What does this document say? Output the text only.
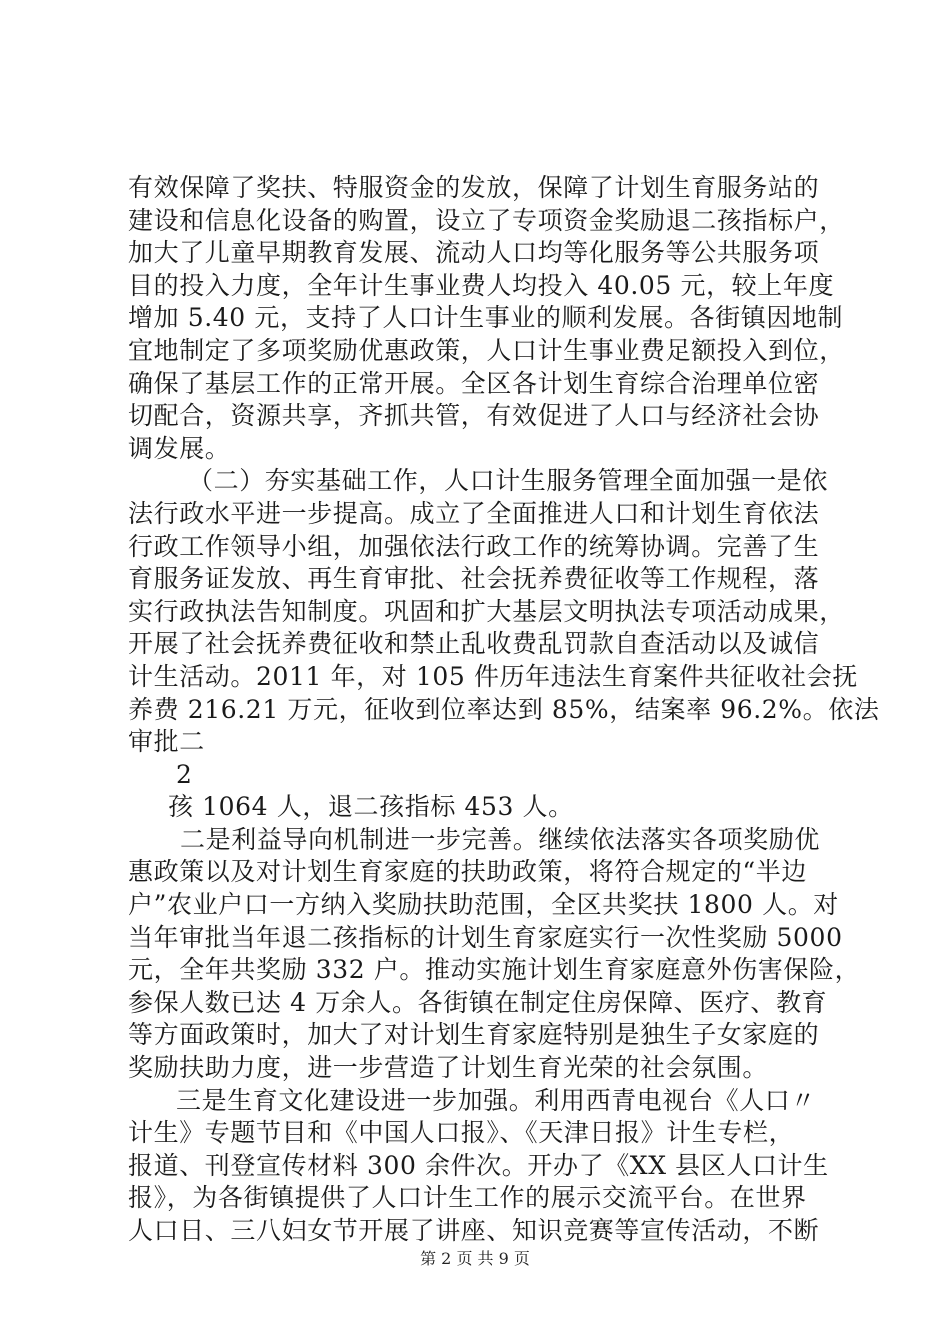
有效保障了奖扶、特服资金的发放，保障了计划生育服务站的
建设和信息化设备的购置，设立了专项资金奖励退二孩指标户，
加大了儿童早期教育发展、流动人口均等化服务等公共服务项
目的投入力度，全年计生事业费人均投入 40.05 元，较上年度
增加 5.40 元，支持了人口计生事业的顺利发展。各街镇因地制
宜地制定了多项奖励优惠政策，人口计生事业费足额投入到位，
确保了基层工作的正常开展。全区各计划生育综合治理单位密
切配合，资源共享，齐抓共管，有效促进了人口与经济社会协
调发展。
（二）夯实基础工作，人口计生服务管理全面加强一是依
法行政水平进一步提高。成立了全面推进人口和计划生育依法
行政工作领导小组，加强依法行政工作的统筹协调。完善了生
育服务证发放、再生育审批、社会抚养费征收等工作规程，落
实行政执法告知制度。巩固和扩大基层文明执法专项活动成果，
开展了社会抚养费征收和禁止乱收费乱罚款自查活动以及诚信
计生活动。2011 年，对 105 件历年违法生育案件共征收社会抚
养费 216.21 万元，征收到位率达到 85%，结案率 96.2%。依法
审批二
2
孩 1064 人，退二孩指标 453 人。
二是利益导向机制进一步完善。继续依法落实各项奖励优
惠政策以及对计划生育家庭的扶助政策，将符合规定的“半边
户”农业户口一方纳入奖励扶助范围，全区共奖扶 1800 人。对
当年审批当年退二孩指标的计划生育家庭实行一次性奖励 5000
元，全年共奖励 332 户。推动实施计划生育家庭意外伤害保险，
参保人数已达 4 万余人。各街镇在制定住房保障、医疗、教育
等方面政策时，加大了对计划生育家庭特别是独生子女家庭的
奖励扶助力度，进一步营造了计划生育光荣的社会氛围。
三是生育文化建设进一步加强。利用西青电视台《人口〃
计生》专题节目和《中国人口报》、《天津日报》计生专栏，
报道、刊登宣传材料 300 余件次。开办了《XX 县区人口计生
报》，为各街镇提供了人口计生工作的展示交流平台。在世界
人口日、三八妇女节开展了讲座、知识竞赛等宣传活动，不断
第 2 页 共 9 页
